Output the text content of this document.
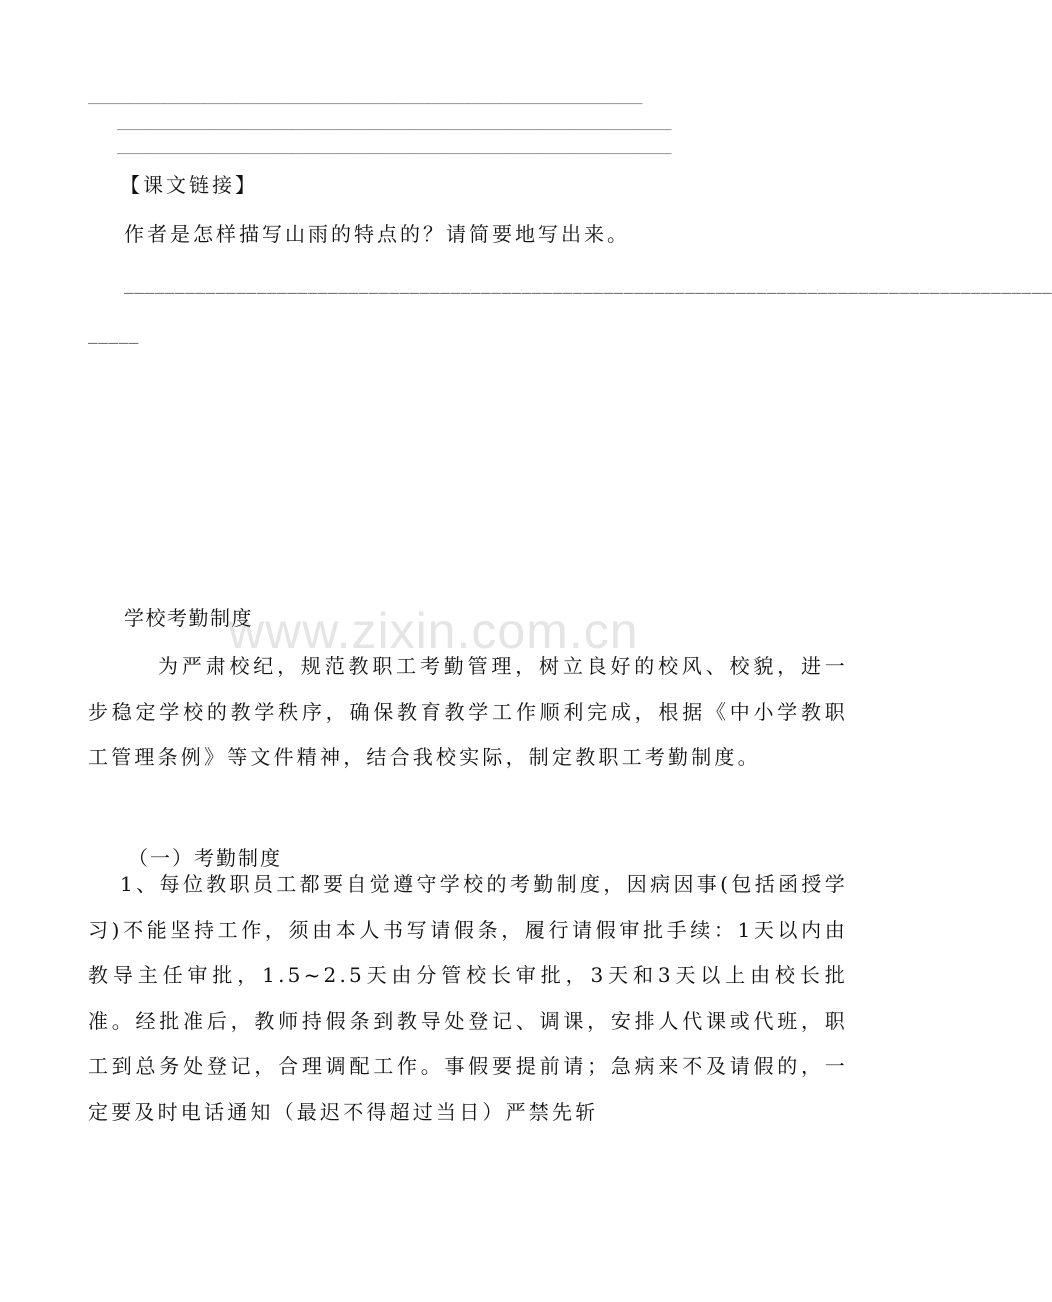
____________________________________________________________________________________
____________________________________________________________________________________
____________________________________________________________________________________
【课文链接】
作者是怎样描写山雨的特点的？请简要地写出来。
___________________________________________________________________________________________
_____
www.zixin.com.cn
学校考勤制度
为严肃校纪，规范教职工考勤管理，树立良好的校风、校貌，进一步稳定学校的教学秩序，确保教育教学工作顺利完成，根据《中小学教职工管理条例》等文件精神，结合我校实际，制定教职工考勤制度。
（一）考勤制度
1、每位教职员工都要自觉遵守学校的考勤制度，因病因事(包括函授学习)不能坚持工作，须由本人书写请假条，履行请假审批手续：1天以内由教导主任审批，1.5~2.5天由分管校长审批，3天和3天以上由校长批准。经批准后，教师持假条到教导处登记、调课，安排人代课或代班，职工到总务处登记，合理调配工作。事假要提前请；急病来不及请假的，一定要及时电话通知（最迟不得超过当日）严禁先斩
